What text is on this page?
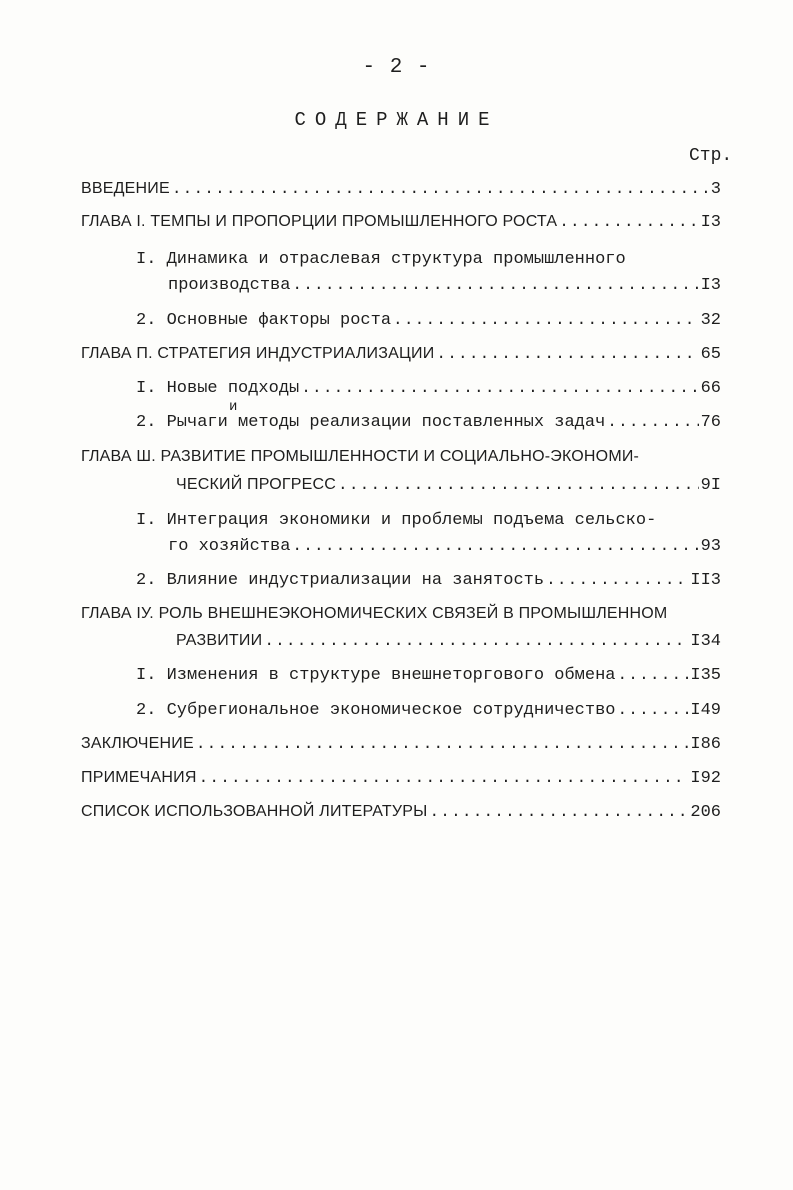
- 2 -
СОДЕРЖАНИЕ
Стр.
ВВЕДЕНИЕ .....	3
ГЛАВА I. ТЕМПЫ И ПРОПОРЦИИ ПРОМЫШЛЕННОГО РОСТА .....	I3
I. Динамика и отраслевая структура промышленного
производства .....	I3
2. Основные факторы роста .....	32
ГЛАВА П. СТРАТЕГИЯ ИНДУСТРИАЛИЗАЦИИ .....	65
I. Новые подходы .....	66
и
2. Рычаги методы реализации поставленных задач .....	76
ГЛАВА Ш. РАЗВИТИЕ ПРОМЫШЛЕННОСТИ И СОЦИАЛЬНО-ЭКОНОМИ-
ЧЕСКИЙ ПРОГРЕСС .....	9I
I. Интеграция экономики и проблемы подъема сельско-
го хозяйства .....	93
2. Влияние индустриализации на занятость .....	II3
ГЛАВА IУ. РОЛЬ ВНЕШНЕЭКОНОМИЧЕСКИХ СВЯЗЕЙ В ПРОМЫШЛЕННОМ
РАЗВИТИИ .....	I34
I. Изменения в структуре внешнеторгового обмена .....	I35
2. Субрегиональное экономическое сотрудничество .....	I49
ЗАКЛЮЧЕНИЕ .....	I86
ПРИМЕЧАНИЯ .....	I92
СПИСОК ИСПОЛЬЗОВАННОЙ ЛИТЕРАТУРЫ .....	206
